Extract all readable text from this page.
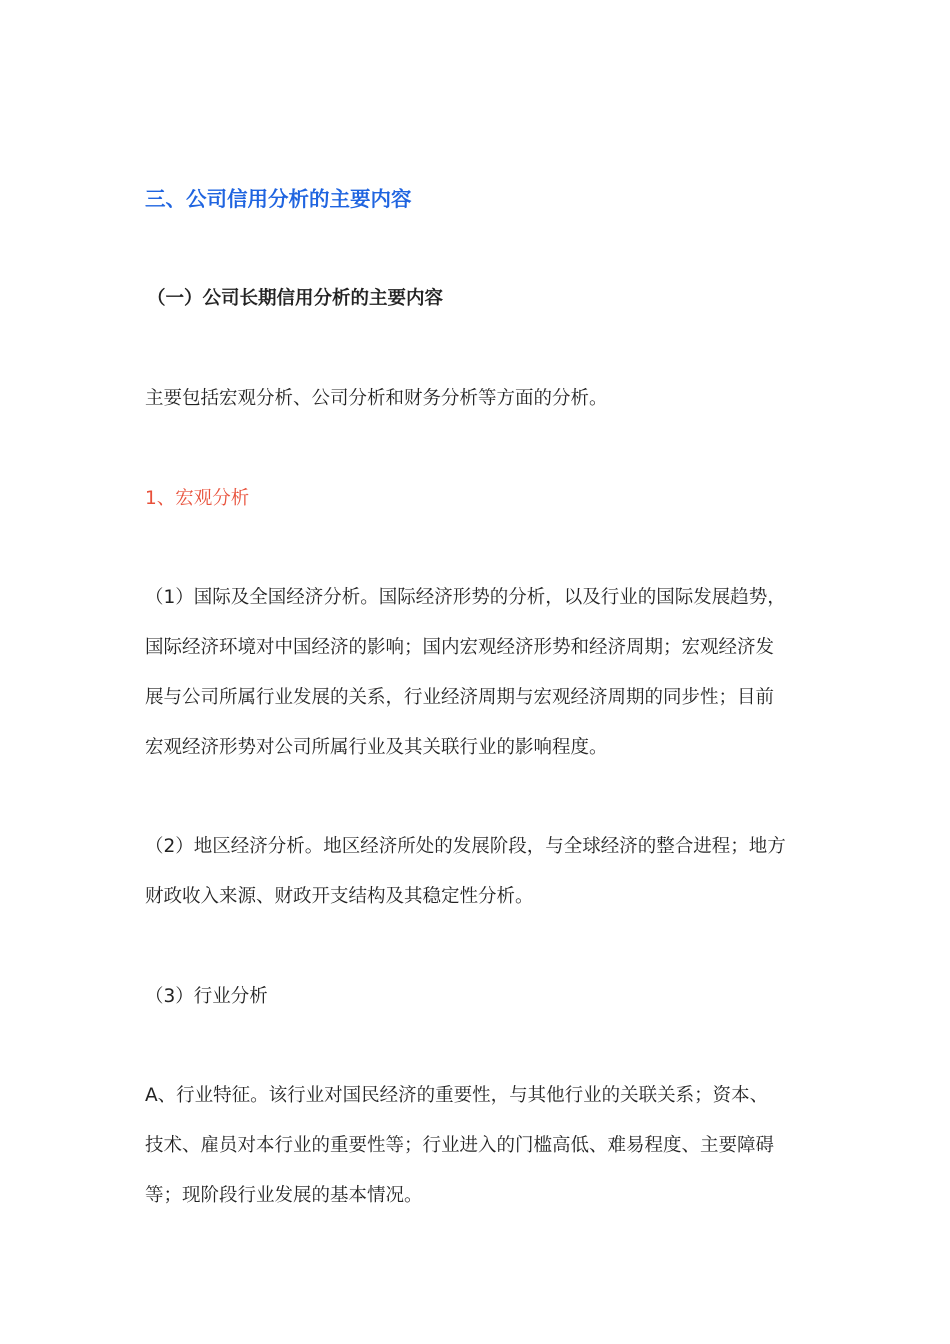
三、公司信用分析的主要内容
（一）公司长期信用分析的主要内容
主要包括宏观分析、公司分析和财务分析等方面的分析。
1、宏观分析
（1）国际及全国经济分析。国际经济形势的分析，以及行业的国际发展趋势，
国际经济环境对中国经济的影响；国内宏观经济形势和经济周期；宏观经济发
展与公司所属行业发展的关系，行业经济周期与宏观经济周期的同步性；目前
宏观经济形势对公司所属行业及其关联行业的影响程度。
（2）地区经济分析。地区经济所处的发展阶段，与全球经济的整合进程；地方
财政收入来源、财政开支结构及其稳定性分析。
（3）行业分析
A、行业特征。该行业对国民经济的重要性，与其他行业的关联关系；资本、
技术、雇员对本行业的重要性等；行业进入的门槛高低、难易程度、主要障碍
等；现阶段行业发展的基本情况。
